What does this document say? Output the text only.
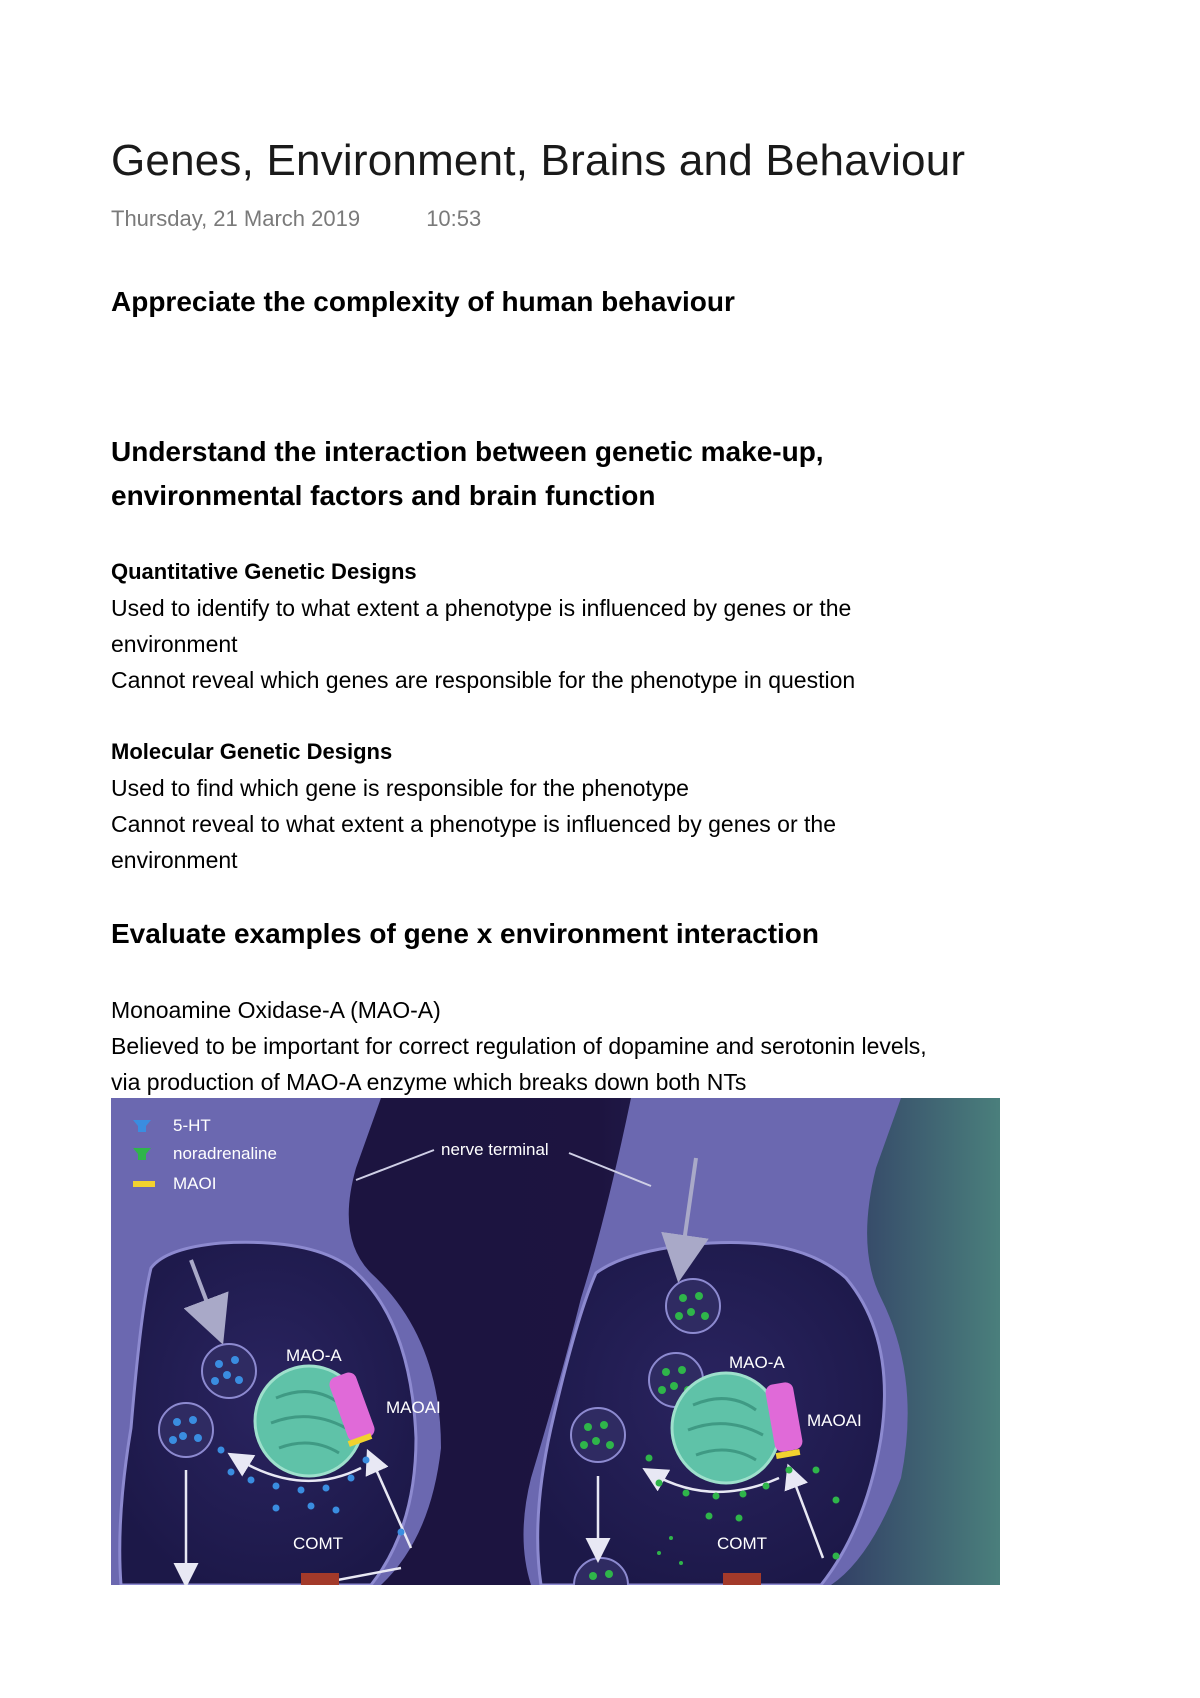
Genes, Environment, Brains and Behaviour
Thursday, 21 March 2019	10:53
Appreciate the complexity of human behaviour
Understand the interaction between genetic make-up,
environmental factors and brain function
Quantitative Genetic Designs
Used to identify to what extent a phenotype is influenced by genes or the
environment
Cannot reveal which genes are responsible for the phenotype in question
Molecular Genetic Designs
Used to find which gene is responsible for the phenotype
Cannot reveal to what extent a phenotype is influenced by genes or the
environment
Evaluate examples of gene x environment interaction
Monoamine Oxidase-A (MAO-A)
Believed to be important for correct regulation of dopamine and serotonin levels,
via production of MAO-A enzyme which breaks down both NTs
5-HT
noradrenaline
MAOI
nerve terminal
MAO-A
MAOAI
COMT
MAO-A
MAOAI
COMT
